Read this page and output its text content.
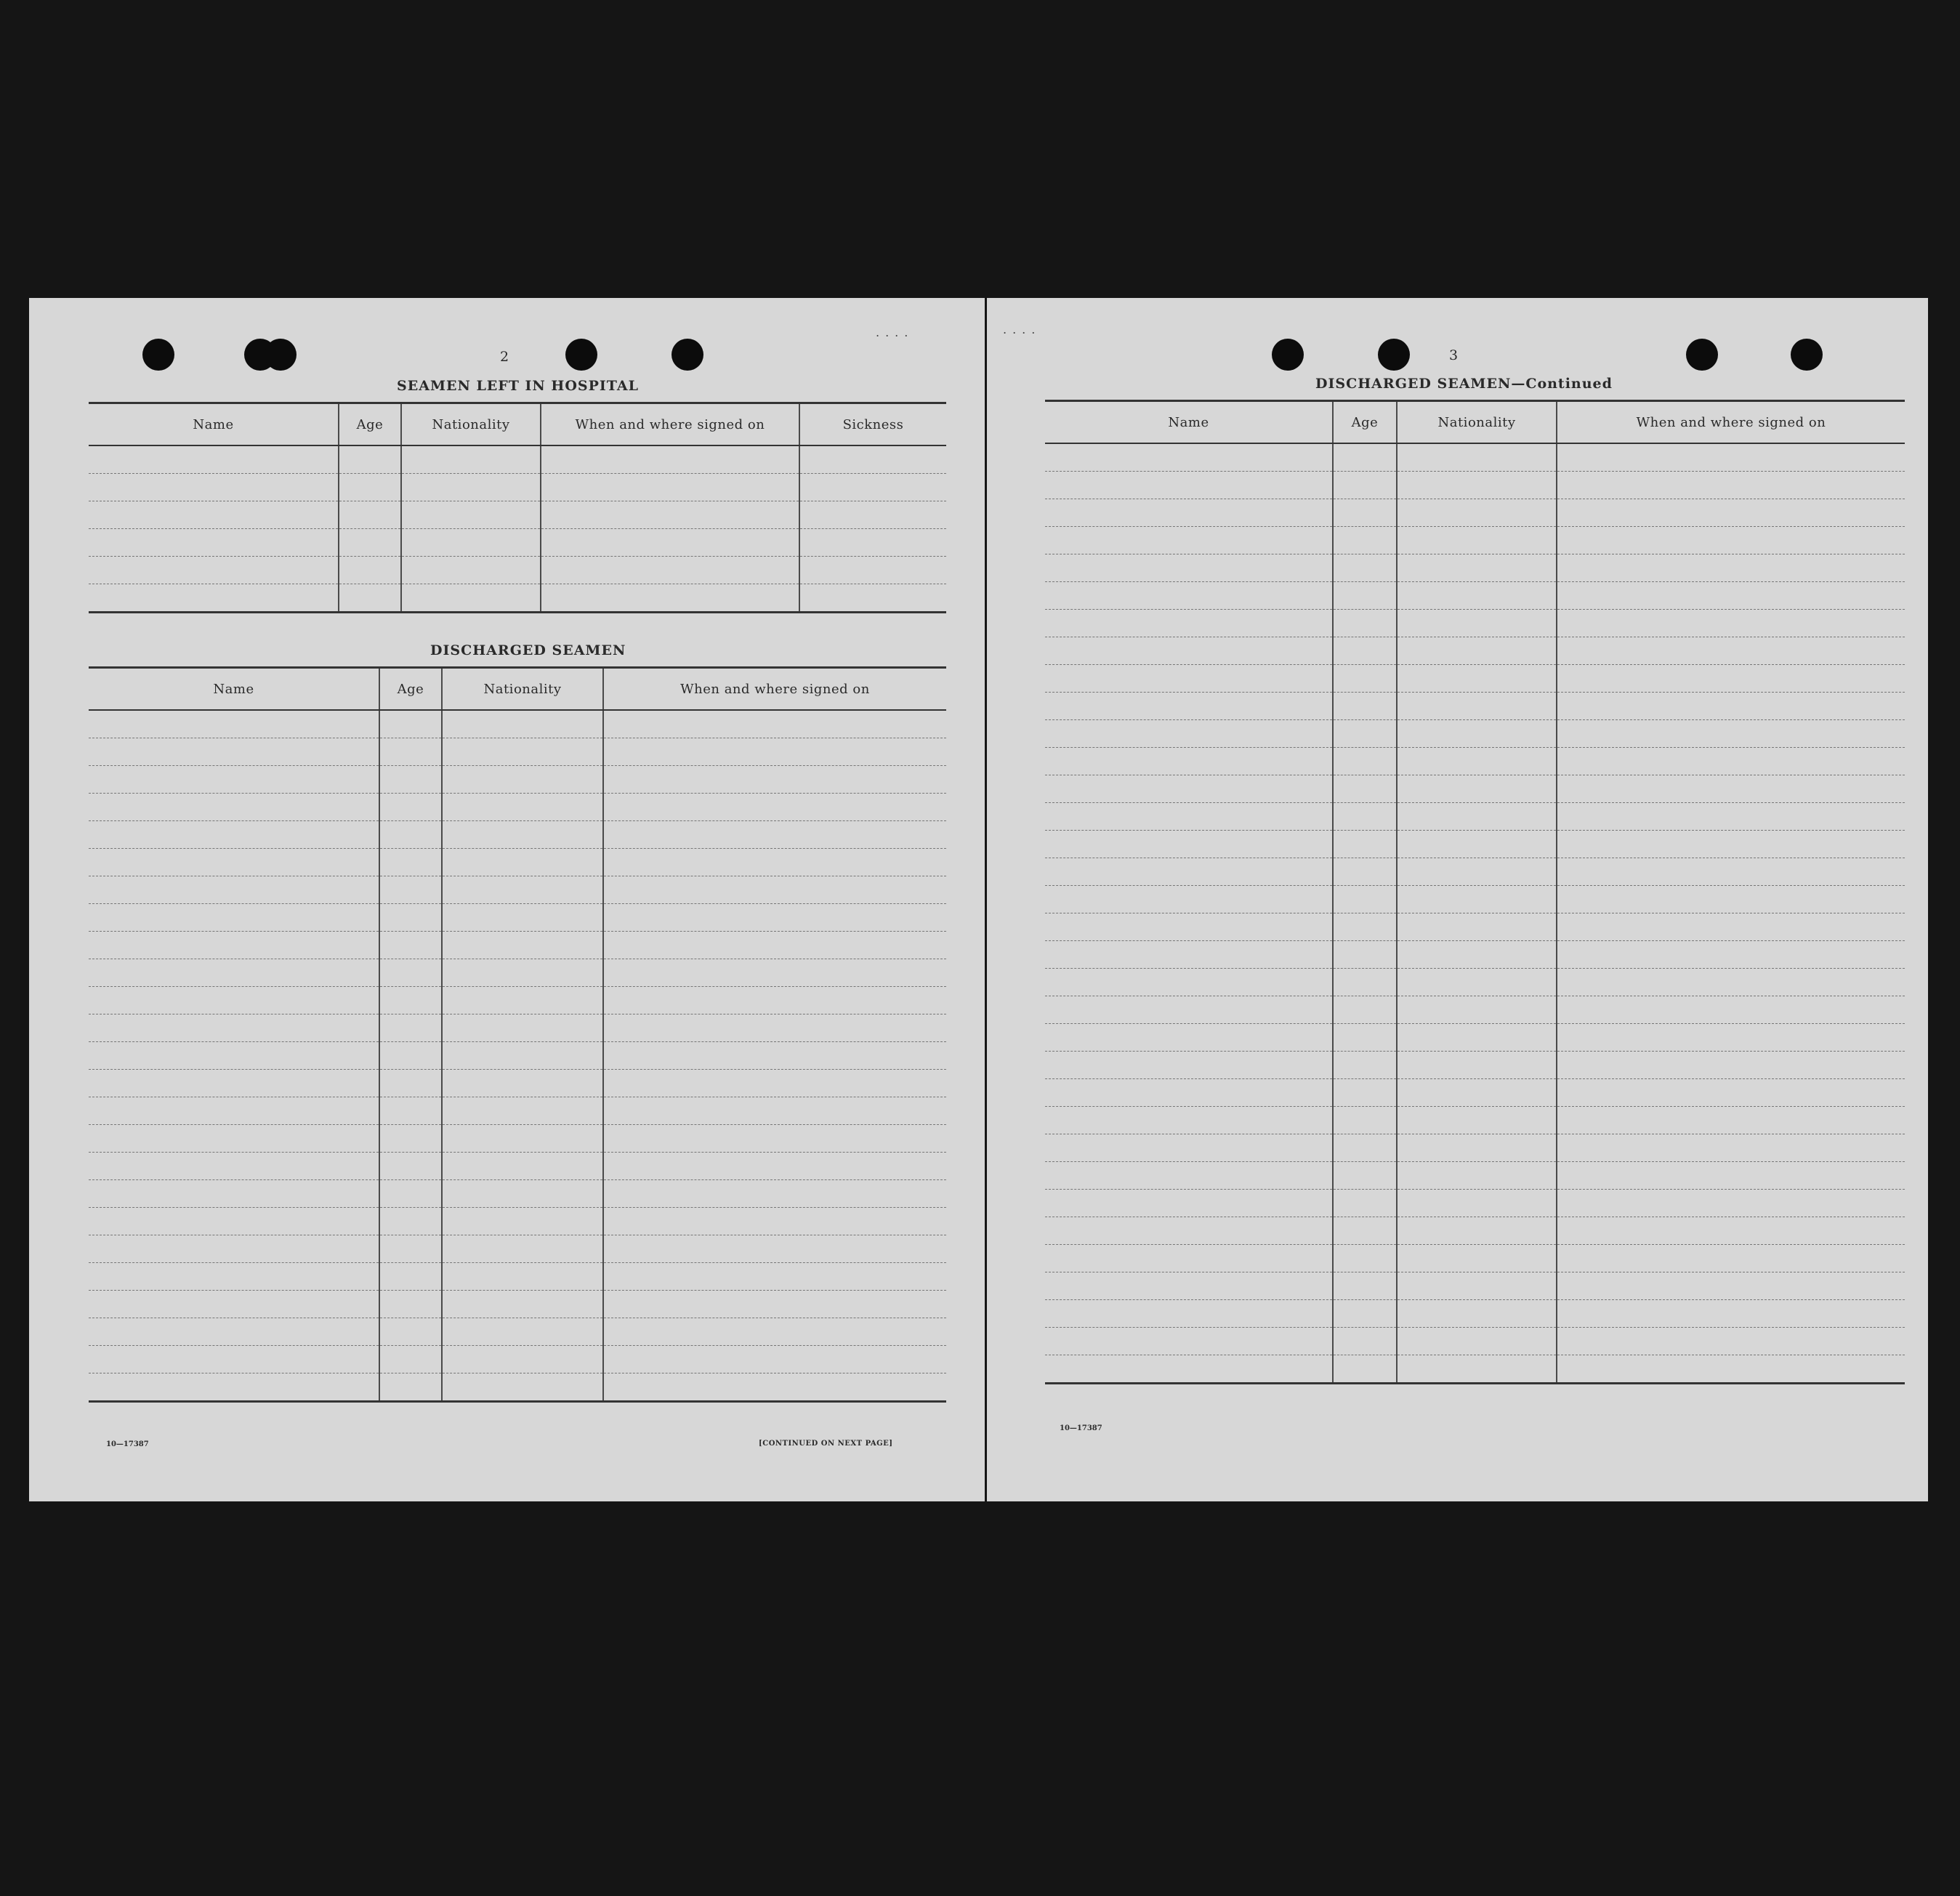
....
2
SEAMEN LEFT IN HOSPITAL
Name	Age	Nationality	When and where signed on	Sickness

DISCHARGED SEAMEN
Name	Age	Nationality	When and where signed on

10—17387	[CONTINUED ON NEXT PAGE]
....
3
DISCHARGED SEAMEN—Continued
Name	Age	Nationality	When and where signed on

10—17387
